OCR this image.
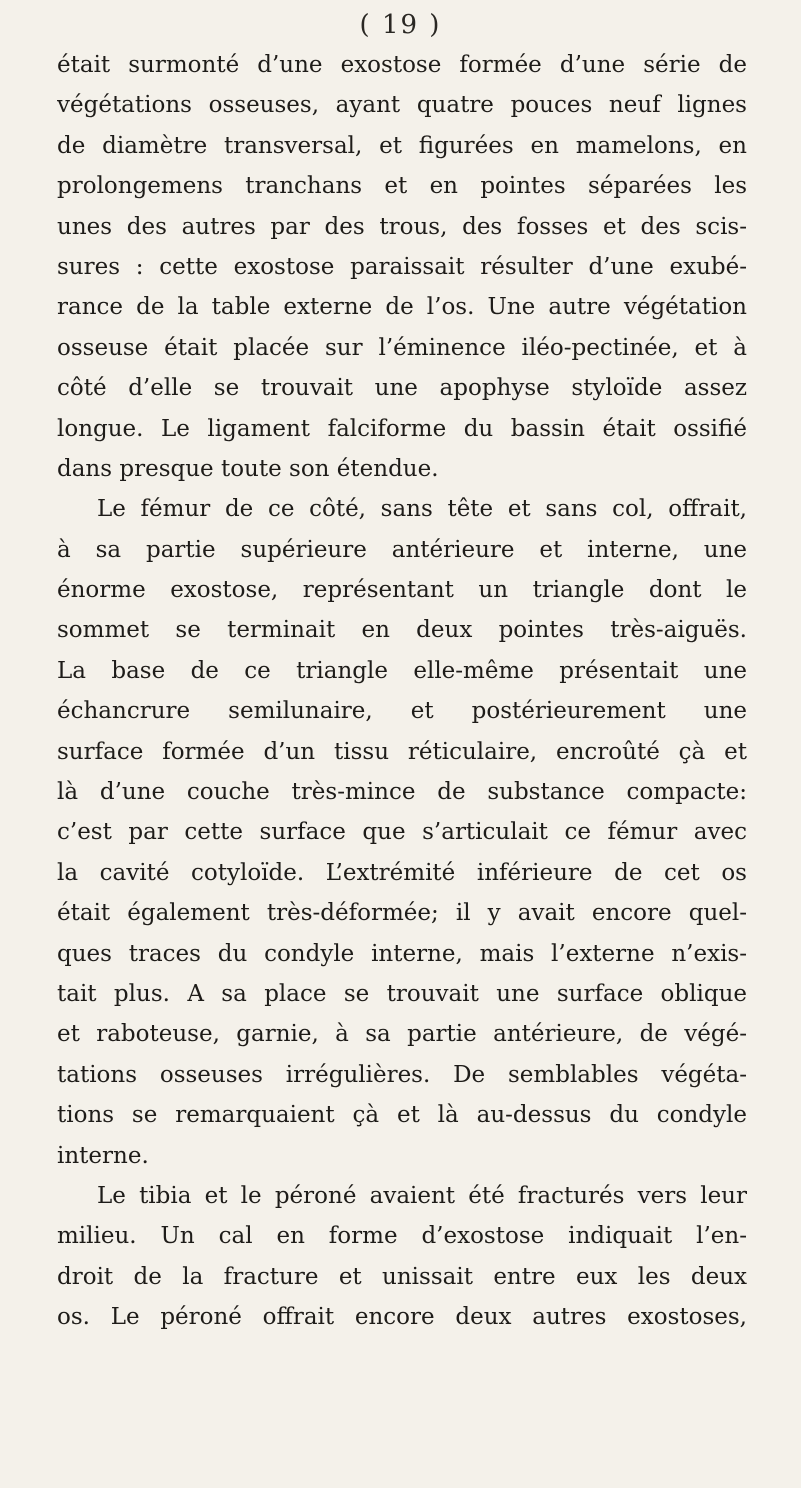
( 19 )
était surmonté d’une exostose formée d’une série de
végétations osseuses, ayant quatre pouces neuf lignes
de diamètre transversal, et figurées en mamelons, en
prolongemens tranchans et en pointes séparées les
unes des autres par des trous, des fosses et des scis-
sures : cette exostose paraissait résulter d’une exubé-
rance de la table externe de l’os. Une autre végétation
osseuse était placée sur l’éminence iléo-pectinée, et à
côté d’elle se trouvait une apophyse styloïde assez
longue. Le ligament falciforme du bassin était ossifié
dans presque toute son étendue.
Le fémur de ce côté, sans tête et sans col, offrait,
à sa partie supérieure antérieure et interne, une
énorme exostose, représentant un triangle dont le
sommet se terminait en deux pointes très-aiguës.
La base de ce triangle elle-même présentait une
échancrure semilunaire, et postérieurement une
surface formée d’un tissu réticulaire, encroûté çà et
là d’une couche très-mince de substance compacte:
c’est par cette surface que s’articulait ce fémur avec
la cavité cotyloïde. L’extrémité inférieure de cet os
était également très-déformée; il y avait encore quel-
ques traces du condyle interne, mais l’externe n’exis-
tait plus. A sa place se trouvait une surface oblique
et raboteuse, garnie, à sa partie antérieure, de végé-
tations osseuses irrégulières. De semblables végéta-
tions se remarquaient çà et là au-dessus du condyle
interne.
Le tibia et le péroné avaient été fracturés vers leur
milieu. Un cal en forme d’exostose indiquait l’en-
droit de la fracture et unissait entre eux les deux
os. Le péroné offrait encore deux autres exostoses,
